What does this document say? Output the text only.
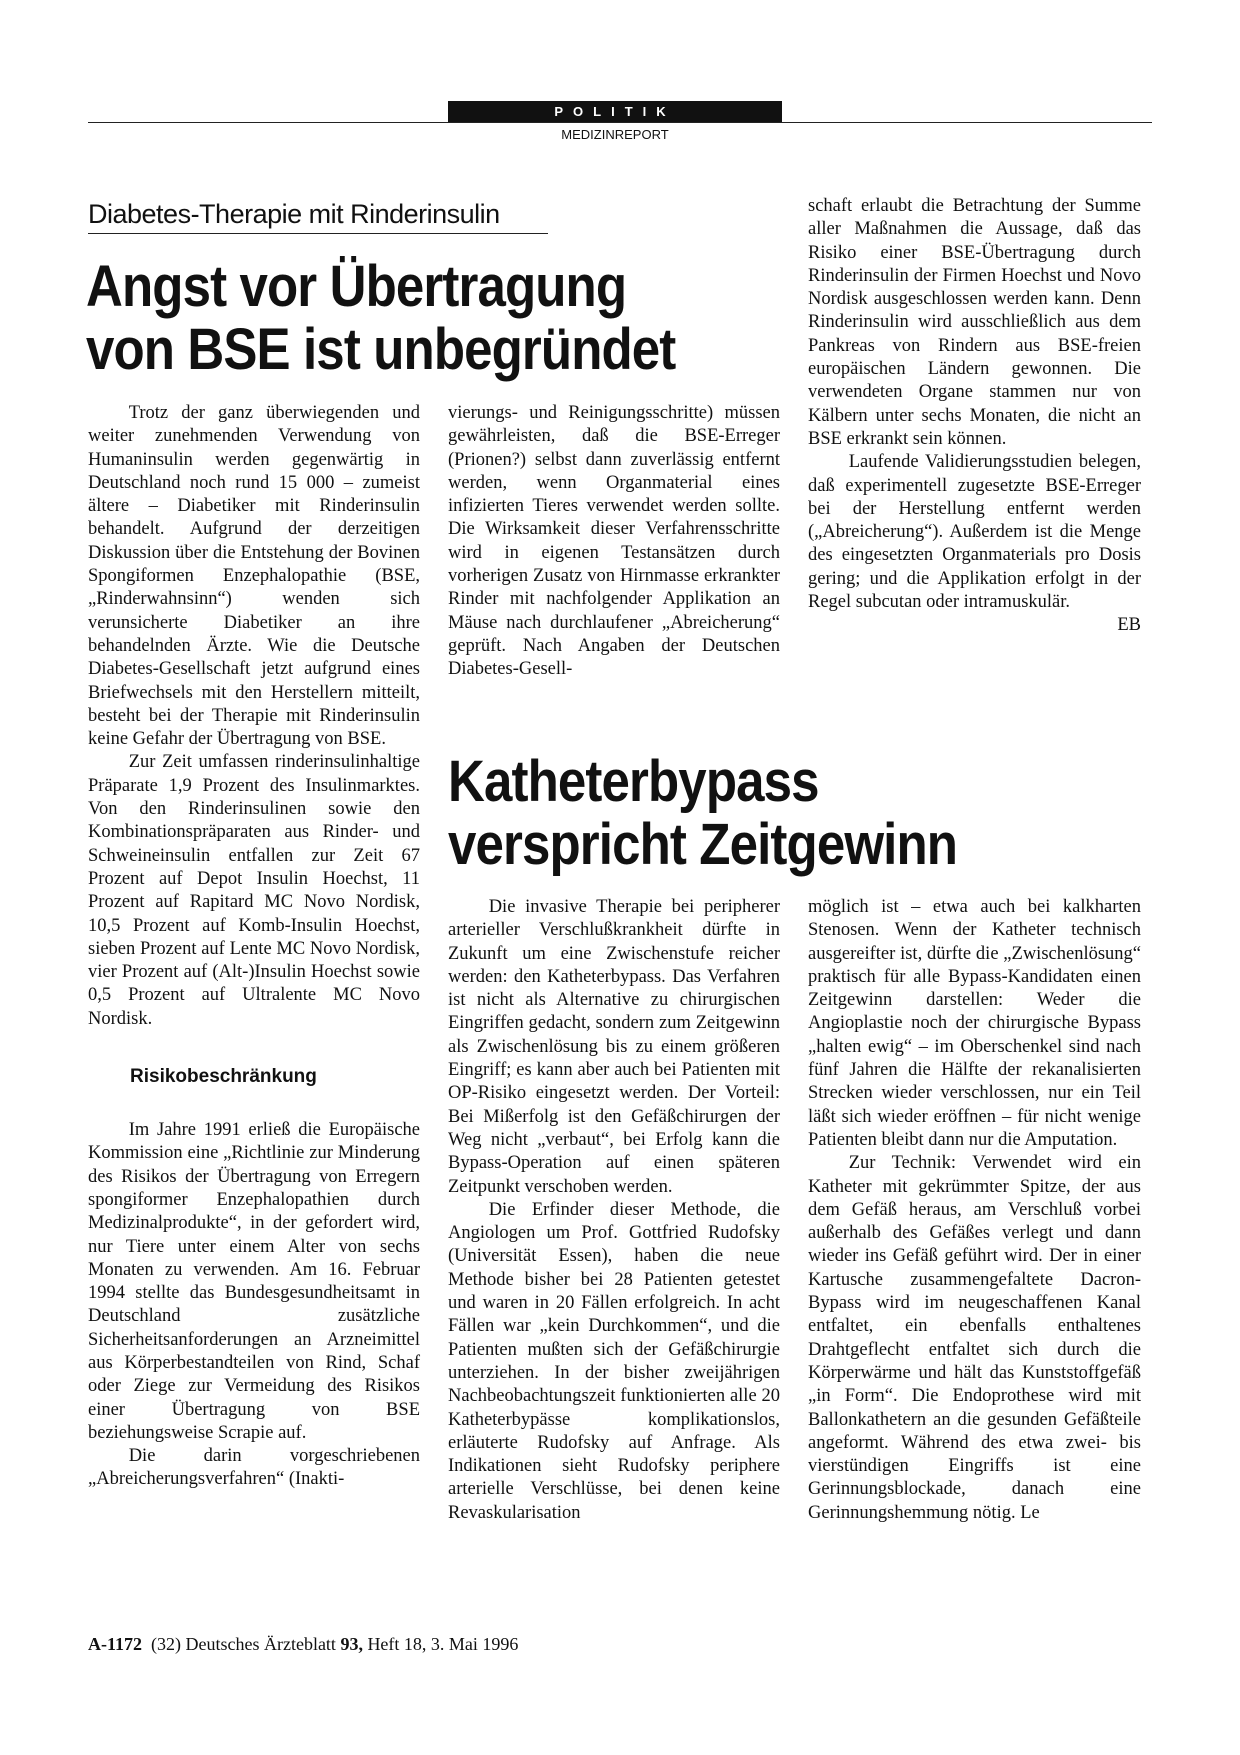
POLITIK
MEDIZINREPORT
Diabetes-Therapie mit Rinderinsulin
Angst vor Übertragung
von BSE ist unbegründet

Trotz der ganz überwiegenden und weiter zunehmenden Verwendung von Humaninsulin werden gegenwärtig in Deutschland noch rund 15 000 – zumeist ältere – Diabetiker mit Rinderinsulin behandelt. Aufgrund der derzeitigen Diskussion über die Entstehung der Bovinen Spongiformen Enzephalopathie (BSE, „Rinderwahnsinn“) wenden sich verunsicherte Diabetiker an ihre behandelnden Ärzte. Wie die Deutsche Diabetes-Gesellschaft jetzt aufgrund eines Briefwechsels mit den Herstellern mitteilt, besteht bei der Therapie mit Rinderinsulin keine Gefahr der Übertragung von BSE.

Zur Zeit umfassen rinderinsulinhaltige Präparate 1,9 Prozent des Insulinmarktes. Von den Rinderinsulinen sowie den Kombinationspräparaten aus Rinder- und Schweineinsulin entfallen zur Zeit 67 Prozent auf Depot Insulin Hoechst, 11 Prozent auf Rapitard MC Novo Nordisk, 10,5 Prozent auf Komb-Insulin Hoechst, sieben Prozent auf Lente MC Novo Nordisk, vier Prozent auf (Alt-)Insulin Hoechst sowie 0,5 Prozent auf Ultralente MC Novo Nordisk.

Risikobeschränkung

Im Jahre 1991 erließ die Europäische Kommission eine „Richtlinie zur Minderung des Risikos der Übertragung von Erregern spongiformer Enzephalopathien durch Medizinalprodukte“, in der gefordert wird, nur Tiere unter einem Alter von sechs Monaten zu verwenden. Am 16. Februar 1994 stellte das Bundesgesundheitsamt in Deutschland zusätzliche Sicherheitsanforderungen an Arzneimittel aus Körperbestandteilen von Rind, Schaf oder Ziege zur Vermeidung des Risikos einer Übertragung von BSE beziehungsweise Scrapie auf.

Die darin vorgeschriebenen „Abreicherungsverfahren“ (Inakti-

vierungs- und Reinigungsschritte) müssen gewährleisten, daß die BSE-Erreger (Prionen?) selbst dann zuverlässig entfernt werden, wenn Organmaterial eines infizierten Tieres verwendet werden sollte. Die Wirksamkeit dieser Verfahrensschritte wird in eigenen Testansätzen durch vorherigen Zusatz von Hirnmasse erkrankter Rinder mit nachfolgender Applikation an Mäuse nach durchlaufener „Abreicherung“ geprüft. Nach Angaben der Deutschen Diabetes-Gesell-

schaft erlaubt die Betrachtung der Summe aller Maßnahmen die Aussage, daß das Risiko einer BSE-Übertragung durch Rinderinsulin der Firmen Hoechst und Novo Nordisk ausgeschlossen werden kann. Denn Rinderinsulin wird ausschließlich aus dem Pankreas von Rindern aus BSE-freien europäischen Ländern gewonnen. Die verwendeten Organe stammen nur von Kälbern unter sechs Monaten, die nicht an BSE erkrankt sein können.

Laufende Validierungsstudien belegen, daß experimentell zugesetzte BSE-Erreger bei der Herstellung entfernt werden („Abreicherung“). Außerdem ist die Menge des eingesetzten Organmaterials pro Dosis gering; und die Applikation erfolgt in der Regel subcutan oder intramuskulär.

EB

Katheterbypass
verspricht Zeitgewinn

Die invasive Therapie bei peripherer arterieller Verschlußkrankheit dürfte in Zukunft um eine Zwischenstufe reicher werden: den Katheterbypass. Das Verfahren ist nicht als Alternative zu chirurgischen Eingriffen gedacht, sondern zum Zeitgewinn als Zwischenlösung bis zu einem größeren Eingriff; es kann aber auch bei Patienten mit OP-Risiko eingesetzt werden. Der Vorteil: Bei Mißerfolg ist den Gefäßchirurgen der Weg nicht „verbaut“, bei Erfolg kann die Bypass-Operation auf einen späteren Zeitpunkt verschoben werden.

Die Erfinder dieser Methode, die Angiologen um Prof. Gottfried Rudofsky (Universität Essen), haben die neue Methode bisher bei 28 Patienten getestet und waren in 20 Fällen erfolgreich. In acht Fällen war „kein Durchkommen“, und die Patienten mußten sich der Gefäßchirurgie unterziehen. In der bisher zweijährigen Nachbeobachtungszeit funktionierten alle 20 Katheterbypässe komplikationslos, erläuterte Rudofsky auf Anfrage. Als Indikationen sieht Rudofsky periphere arterielle Verschlüsse, bei denen keine Revaskularisation

möglich ist – etwa auch bei kalkharten Stenosen. Wenn der Katheter technisch ausgereifter ist, dürfte die „Zwischenlösung“ praktisch für alle Bypass-Kandidaten einen Zeitgewinn darstellen: Weder die Angioplastie noch der chirurgische Bypass „halten ewig“ – im Oberschenkel sind nach fünf Jahren die Hälfte der rekanalisierten Strecken wieder verschlossen, nur ein Teil läßt sich wieder eröffnen – für nicht wenige Patienten bleibt dann nur die Amputation.

Zur Technik: Verwendet wird ein Katheter mit gekrümmter Spitze, der aus dem Gefäß heraus, am Verschluß vorbei außerhalb des Gefäßes verlegt und dann wieder ins Gefäß geführt wird. Der in einer Kartusche zusammengefaltete Dacron-Bypass wird im neugeschaffenen Kanal entfaltet, ein ebenfalls enthaltenes Drahtgeflecht entfaltet sich durch die Körperwärme und hält das Kunststoffgefäß „in Form“. Die Endoprothese wird mit Ballonkathetern an die gesunden Gefäßteile angeformt. Während des etwa zwei- bis vierstündigen Eingriffs ist eine Gerinnungsblockade, danach eine Gerinnungshemmung nötig. Le

A-1172 (32) Deutsches Ärzteblatt 93, Heft 18, 3. Mai 1996
